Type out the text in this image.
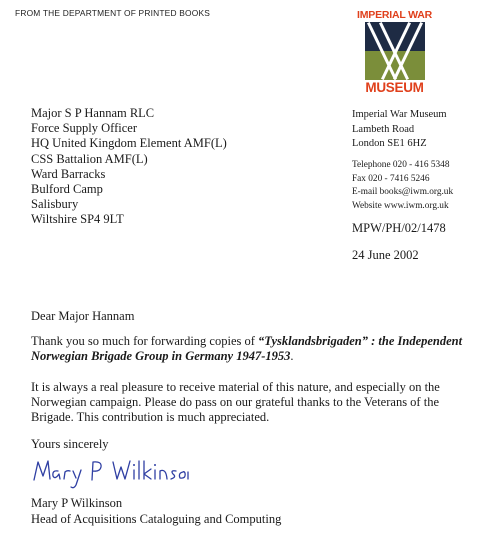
FROM THE DEPARTMENT OF PRINTED BOOKS	IMPERIAL WAR
MUSEUM
Major S P Hannam RLC
Force Supply Officer
HQ United Kingdom Element AMF(L)
CSS Battalion AMF(L)
Ward Barracks
Bulford Camp
Salisbury
Wiltshire SP4 9LT
Imperial War Museum
Lambeth Road
London SE1 6HZ
Telephone 020 - 416 5348
Fax 020 - 7416 5246
E-mail books@iwm.org.uk
Website www.iwm.org.uk
MPW/PH/02/1478
24 June 2002
Dear Major Hannam
Thank you so much for forwarding copies of “Tysklandsbrigaden” : the Independent Norwegian Brigade Group in Germany 1947-1953.
It is always a real pleasure to receive material of this nature, and especially on the Norwegian campaign. Please do pass on our grateful thanks to the Veterans of the Brigade. This contribution is much appreciated.
Yours sincerely
Mary P Wilkinson
Head of Acquisitions Cataloguing and Computing
